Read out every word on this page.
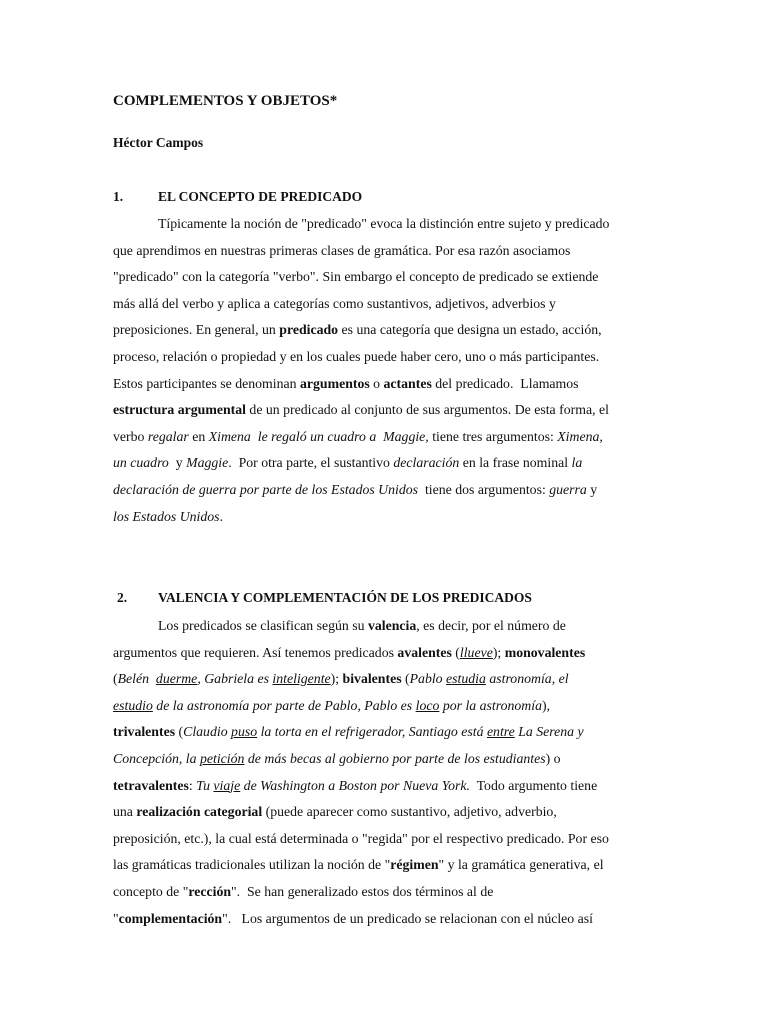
COMPLEMENTOS Y OBJETOS*
Héctor Campos
1.	EL CONCEPTO DE PREDICADO
Típicamente la noción de "predicado" evoca la distinción entre sujeto y predicado
que aprendimos en nuestras primeras clases de gramática. Por esa razón asociamos
"predicado" con la categoría "verbo". Sin embargo el concepto de predicado se extiende
más allá del verbo y aplica a categorías como sustantivos, adjetivos, adverbios y
preposiciones. En general, un predicado es una categoría que designa un estado, acción,
proceso, relación o propiedad y en los cuales puede haber cero, uno o más participantes.
Estos participantes se denominan argumentos o actantes del predicado.  Llamamos
estructura argumental de un predicado al conjunto de sus argumentos. De esta forma, el
verbo regalar en Ximena  le regaló un cuadro a  Maggie, tiene tres argumentos: Ximena,
un cuadro  y Maggie.  Por otra parte, el sustantivo declaración en la frase nominal la
declaración de guerra por parte de los Estados Unidos  tiene dos argumentos: guerra y
los Estados Unidos.
2. VALENCIA Y COMPLEMENTACIÓN DE LOS PREDICADOS
Los predicados se clasifican según su valencia, es decir, por el número de
argumentos que requieren. Así tenemos predicados avalentes (llueve); monovalentes
(Belén  duerme, Gabriela es inteligente); bivalentes (Pablo estudia astronomía, el
estudio de la astronomía por parte de Pablo, Pablo es loco por la astronomía),
trivalentes (Claudio puso la torta en el refrigerador, Santiago está entre La Serena y
Concepción, la petición de más becas al gobierno por parte de los estudiantes) o
tetravalentes: Tu viaje de Washington a Boston por Nueva York.  Todo argumento tiene
una realización categorial (puede aparecer como sustantivo, adjetivo, adverbio,
preposición, etc.), la cual está determinada o "regida" por el respectivo predicado. Por eso
las gramáticas tradicionales utilizan la noción de "régimen" y la gramática generativa, el
concepto de "rección".  Se han generalizado estos dos términos al de
"complementación".   Los argumentos de un predicado se relacionan con el núcleo así
